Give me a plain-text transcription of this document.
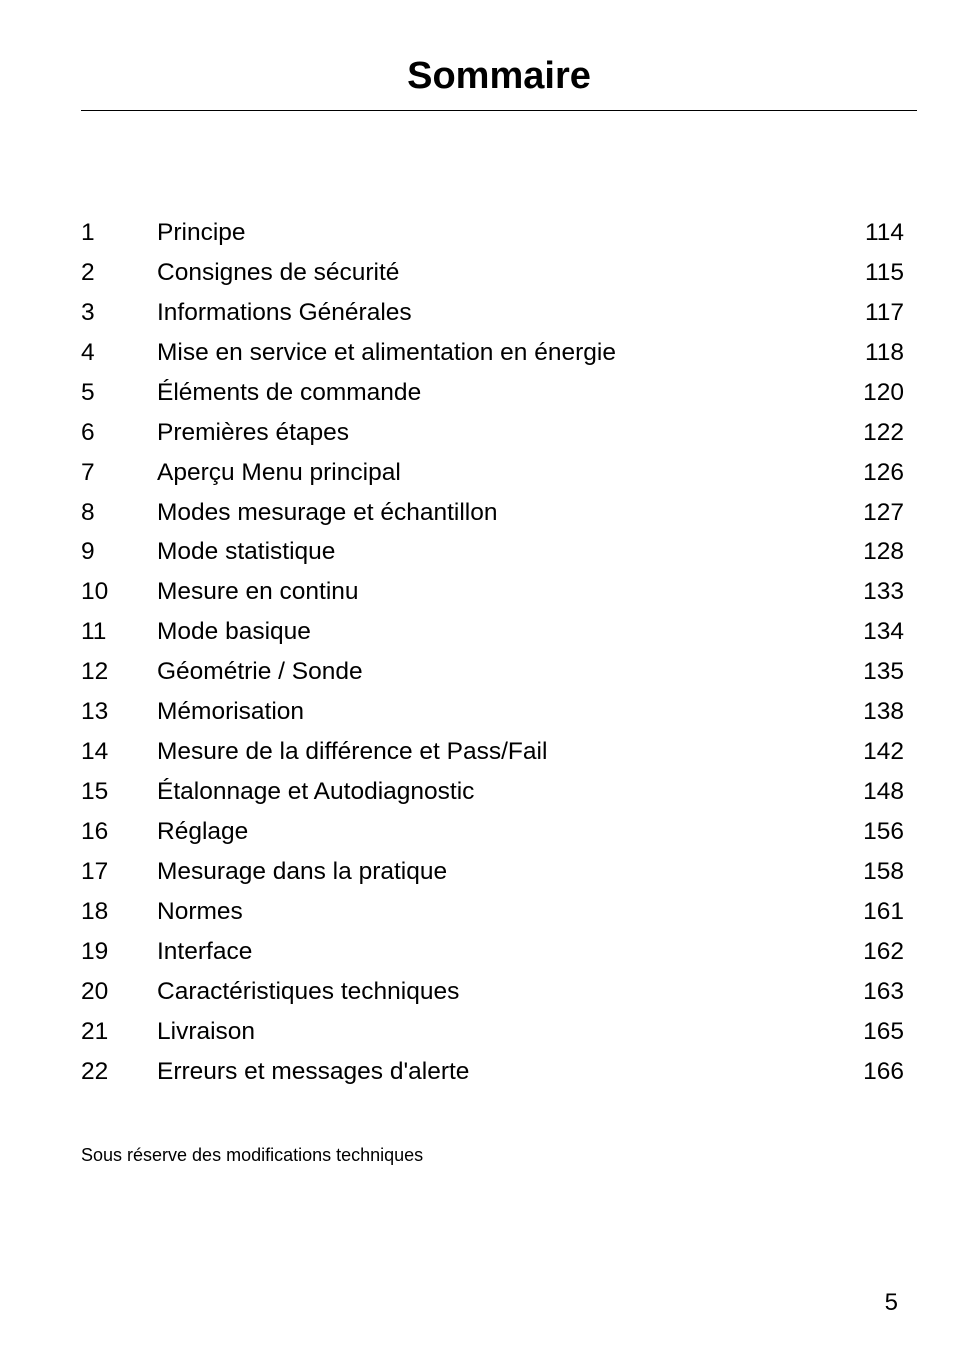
Sommaire
1	Principe	114
2	Consignes de sécurité	115
3	Informations Générales	117
4	Mise en service et alimentation en énergie	118
5	Éléments de commande	120
6	Premières étapes	122
7	Aperçu Menu principal	126
8	Modes mesurage et échantillon	127
9	Mode statistique	128
10	Mesure en continu	133
11	Mode basique	134
12	Géométrie / Sonde	135
13	Mémorisation	138
14	Mesure de la différence et Pass/Fail	142
15	Étalonnage et Autodiagnostic	148
16	Réglage	156
17	Mesurage dans la pratique	158
18	Normes	161
19	Interface	162
20	Caractéristiques techniques	163
21	Livraison	165
22	Erreurs et messages d'alerte	166
Sous réserve des modifications techniques
5
